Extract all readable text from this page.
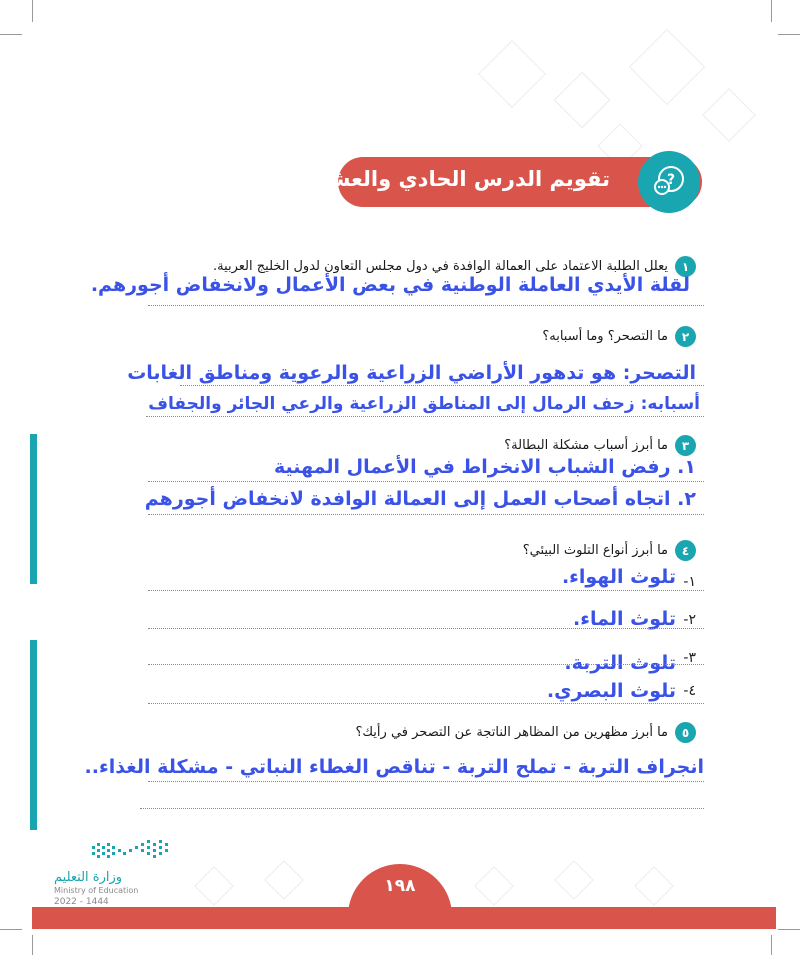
تقويم الدرس الحادي والعشرين	?
١
يعلل الطلبة الاعتماد على العمالة الوافدة في دول مجلس التعاون لدول الخليج العربية.
لقلة الأيدي العاملة الوطنية في بعض الأعمال ولانخفاض أجورهم.
٢
ما التصحر؟ وما أسبابه؟
التصحر: هو تدهور الأراضي الزراعية والرعوية ومناطق الغابات
أسبابه: زحف الرمال إلى المناطق الزراعية والرعي الجائر والجفاف
٣
ما أبرز أسباب مشكلة البطالة؟
١. رفض الشباب الانخراط في الأعمال المهنية
٢. اتجاه أصحاب العمل إلى العمالة الوافدة لانخفاض أجورهم
٤
ما أبرز أنواع التلوث البيئي؟
١-
تلوث الهواء.
٢-
تلوث الماء.
٣-
تلوث التربة.
٤-
تلوث البصري.
٥
ما أبرز مظهرين من المظاهر الناتجة عن التصحر في رأيك؟
انجراف التربة - تملح التربة - تناقص الغطاء النباتي - مشكلة الغذاء..
١٩٨
وزارة التعليم
Ministry of Education
2022 - 1444
